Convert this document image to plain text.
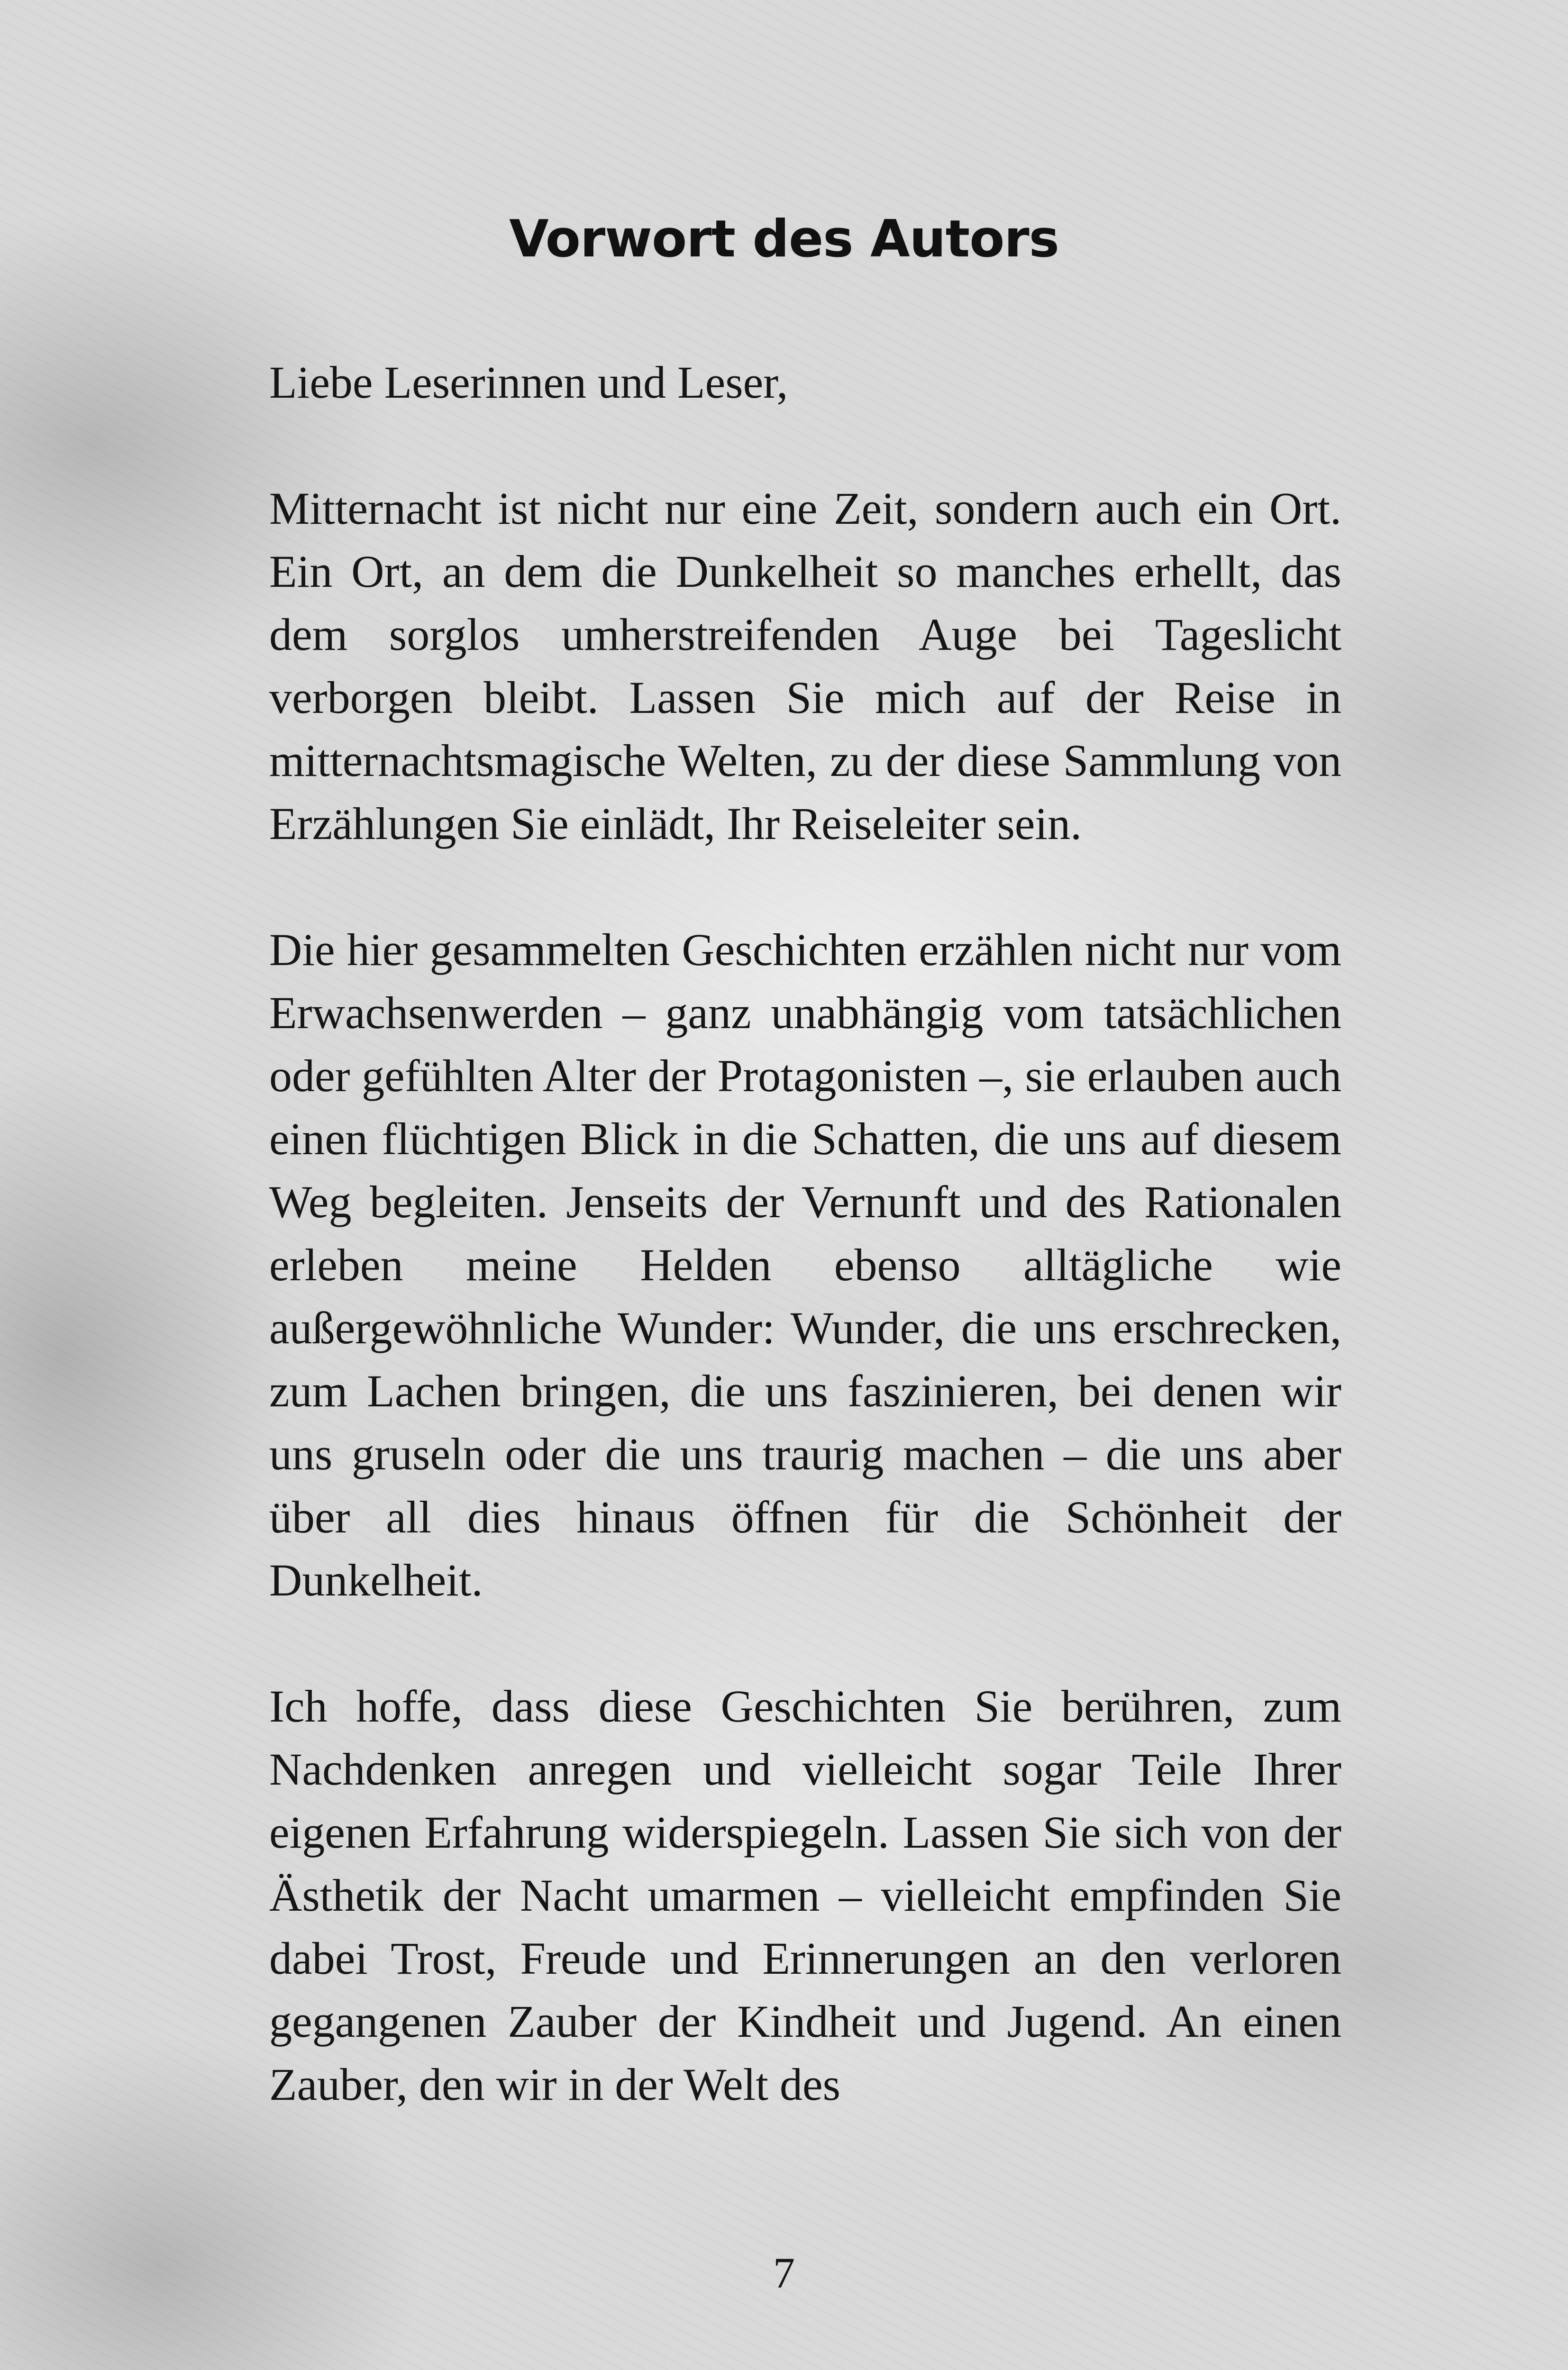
Vorwort des Autors

Liebe Leserinnen und Leser,

Mitternacht ist nicht nur eine Zeit, sondern auch ein Ort. Ein Ort, an dem die Dunkelheit so manches erhellt, das dem sorglos umherstreifenden Auge bei Tageslicht verborgen bleibt. Lassen Sie mich auf der Reise in mitternachtsmagische Welten, zu der diese Sammlung von Erzählungen Sie einlädt, Ihr Reiseleiter sein.

Die hier gesammelten Geschichten erzählen nicht nur vom Erwachsenwerden – ganz unabhängig vom tatsächlichen oder gefühlten Alter der Protagonisten –, sie erlauben auch einen flüchtigen Blick in die Schatten, die uns auf diesem Weg begleiten. Jenseits der Vernunft und des Rationalen erleben meine Helden ebenso alltägliche wie außergewöhnliche Wunder: Wunder, die uns erschrecken, zum Lachen bringen, die uns faszinieren, bei denen wir uns gruseln oder die uns traurig machen – die uns aber über all dies hinaus öffnen für die Schönheit der Dunkelheit.

Ich hoffe, dass diese Geschichten Sie berühren, zum Nachdenken anregen und vielleicht sogar Teile Ihrer eigenen Erfahrung widerspiegeln. Lassen Sie sich von der Ästhetik der Nacht umarmen – vielleicht empfinden Sie dabei Trost, Freude und Erinnerungen an den verloren gegangenen Zauber der Kindheit und Jugend. An einen Zauber, den wir in der Welt des

7
